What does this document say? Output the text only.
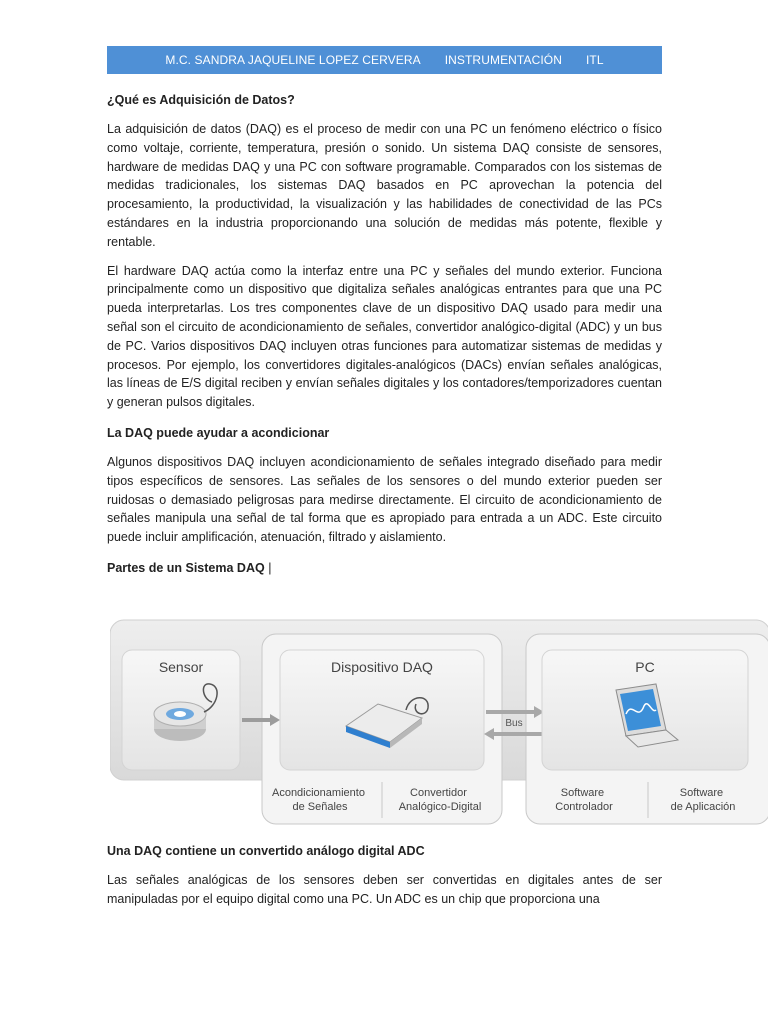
M.C. SANDRA JAQUELINE LOPEZ CERVERA INSTRUMENTACIÓN ITL
¿Qué es Adquisición de Datos?

La adquisición de datos (DAQ) es el proceso de medir con una PC un fenómeno eléctrico o físico como voltaje, corriente, temperatura, presión o sonido. Un sistema DAQ consiste de sensores, hardware de medidas DAQ y una PC con software programable. Comparados con los sistemas de medidas tradicionales, los sistemas DAQ basados en PC aprovechan la potencia del procesamiento, la productividad, la visualización y las habilidades de conectividad de las PCs estándares en la industria proporcionando una solución de medidas más potente, flexible y rentable.

El hardware DAQ actúa como la interfaz entre una PC y señales del mundo exterior. Funciona principalmente como un dispositivo que digitaliza señales analógicas entrantes para que una PC pueda interpretarlas. Los tres componentes clave de un dispositivo DAQ usado para medir una señal son el circuito de acondicionamiento de señales, convertidor analógico-digital (ADC) y un bus de PC. Varios dispositivos DAQ incluyen otras funciones para automatizar sistemas de medidas y procesos. Por ejemplo, los convertidores digitales-analógicos (DACs) envían señales analógicas, las líneas de E/S digital reciben y envían señales digitales y los contadores/temporizadores cuentan y generan pulsos digitales.

La DAQ puede ayudar a acondicionar

Algunos dispositivos DAQ incluyen acondicionamiento de señales integrado diseñado para medir tipos específicos de sensores. Las señales de los sensores o del mundo exterior pueden ser ruidosas o demasiado peligrosas para medirse directamente. El circuito de acondicionamiento de señales manipula una señal de tal forma que es apropiado para entrada a un ADC. Este circuito puede incluir amplificación, atenuación, filtrado y aislamiento.

Partes de un Sistema DAQ |
Sensor	Dispositivo DAQ
Bus
PC
Acondicionamiento de Señales
Convertidor Analógico-Digital
Software Controlador
Software de Aplicación
Una DAQ contiene un convertido análogo digital ADC

Las señales analógicas de los sensores deben ser convertidas en digitales antes de ser manipuladas por el equipo digital como una PC. Un ADC es un chip que proporciona una
